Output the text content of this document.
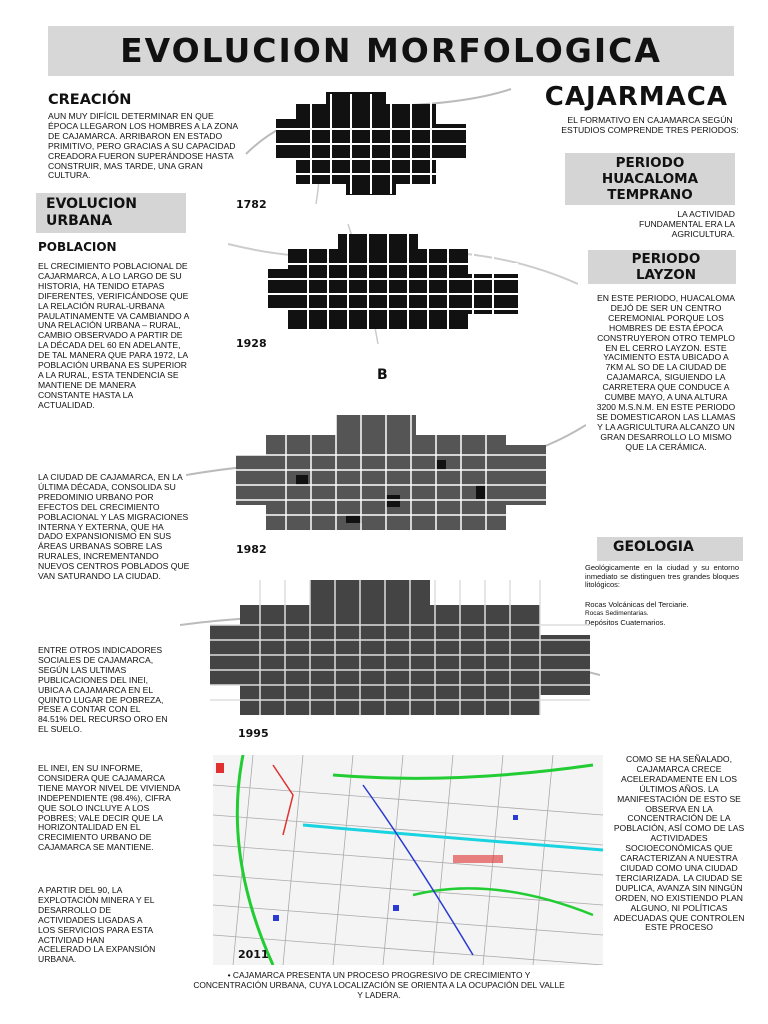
EVOLUCION MORFOLOGICA
CREACIÓN
AUN MUY DIFÍCIL DETERMINAR EN QUE ÉPOCA LLEGARON LOS HOMBRES A LA ZONA DE CAJAMARCA. ARRIBARON EN ESTADO PRIMITIVO, PERO GRACIAS A SU CAPACIDAD CREADORA FUERON SUPERÁNDOSE HASTA CONSTRUIR, MAS TARDE, UNA GRAN CULTURA.
EVOLUCION URBANA
POBLACION
EL CRECIMIENTO POBLACIONAL DE CAJARMARCA, A LO LARGO DE SU HISTORIA, HA TENIDO ETAPAS DIFERENTES, VERIFICÁNDOSE QUE LA RELACIÓN RURAL-URBANA PAULATINAMENTE VA CAMBIANDO A UNA RELACIÓN URBANA – RURAL, CAMBIO OBSERVADO A PARTIR DE LA DÉCADA DEL 60 EN ADELANTE, DE TAL MANERA QUE PARA 1972, LA POBLACIÓN URBANA ES SUPERIOR A LA RURAL, ESTA TENDENCIA SE MANTIENE DE MANERA CONSTANTE HASTA LA ACTUALIDAD.
LA CIUDAD DE CAJAMARCA, EN LA ÚLTIMA DÉCADA, CONSOLIDA SU PREDOMINIO URBANO POR EFECTOS DEL CRECIMIENTO POBLACIONAL Y LAS MIGRACIONES INTERNA Y EXTERNA, QUE HA DADO EXPANSIONISMO EN SUS ÁREAS URBANAS SOBRE LAS RURALES, INCREMENTANDO NUEVOS CENTROS POBLADOS QUE VAN SATURANDO LA CIUDAD.
ENTRE OTROS INDICADORES SOCIALES DE CAJAMARCA, SEGÚN LAS ULTIMAS PUBLICACIONES DEL INEI, UBICA A CAJAMARCA EN EL QUINTO LUGAR DE POBREZA, PESE A CONTAR CON EL 84.51% DEL RECURSO ORO EN EL SUELO.
EL INEI, EN SU INFORME, CONSIDERA QUE CAJAMARCA TIENE MAYOR NIVEL DE VIVIENDA INDEPENDIENTE (98.4%), CIFRA QUE SOLO INCLUYE A LOS POBRES; VALE DECIR QUE LA HORIZONTALIDAD EN EL CRECIMIENTO URBANO DE CAJAMARCA SE MANTIENE.
A PARTIR DEL 90, LA EXPLOTACIÓN MINERA Y EL DESARROLLO DE ACTIVIDADES LIGADAS A LOS SERVICIOS PARA ESTA ACTIVIDAD HAN ACELERADO LA EXPANSIÓN URBANA.
CAJARMACA
EL FORMATIVO EN CAJAMARCA SEGÚN ESTUDIOS COMPRENDE TRES PERIODOS:
PERIODO HUACALOMA TEMPRANO
LA ACTIVIDAD FUNDAMENTAL ERA LA AGRICULTURA.
PERIODO LAYZON
EN ESTE PERIODO, HUACALOMA DEJÓ DE SER UN CENTRO CEREMONIAL PORQUE LOS HOMBRES DE ESTA ÉPOCA CONSTRUYERON OTRO TEMPLO EN EL CERRO LAYZON. ESTE YACIMIENTO ESTA UBICADO A 7KM AL SO DE LA CIUDAD DE CAJAMARCA, SIGUIENDO LA CARRETERA QUE CONDUCE A CUMBE MAYO, A UNA ALTURA 3200 M.S.N.M. EN ESTE PERIODO SE DOMESTICARON LAS LLAMAS Y LA AGRICULTURA ALCANZO UN GRAN DESARROLLO LO MISMO QUE LA CERÁMICA.
GEOLOGIA
Geológicamente en la ciudad y su entorno inmediato se distinguen tres grandes bloques litológicos:
Rocas Volcánicas del Terciarie.
Rocas Sedimentarias.
Depósitos Cuaternarios.
COMO SE HA SEÑALADO, CAJAMARCA CRECE ACELERADAMENTE EN LOS ÚLTIMOS AÑOS. LA MANIFESTACIÓN DE ESTO SE OBSERVA EN LA CONCENTRACIÓN DE LA POBLACIÓN, ASÍ COMO DE LAS ACTIVIDADES SOCIOECONÓMICAS QUE CARACTERIZAN A NUESTRA CIUDAD COMO UNA CIUDAD TERCIARIZADA. LA CIUDAD SE DUPLICA, AVANZA SIN NINGÚN ORDEN, NO EXISTIENDO PLAN ALGUNO, NI POLÍTICAS ADECUADAS QUE CONTROLEN ESTE PROCESO
• CAJAMARCA PRESENTA UN PROCESO PROGRESIVO DE CRECIMIENTO Y CONCENTRACIÓN URBANA, CUYA LOCALIZACIÓN SE ORIENTA A LA OCUPACIÓN DEL VALLE Y LADERA.
1782
1928
B
1982
1995
2011
